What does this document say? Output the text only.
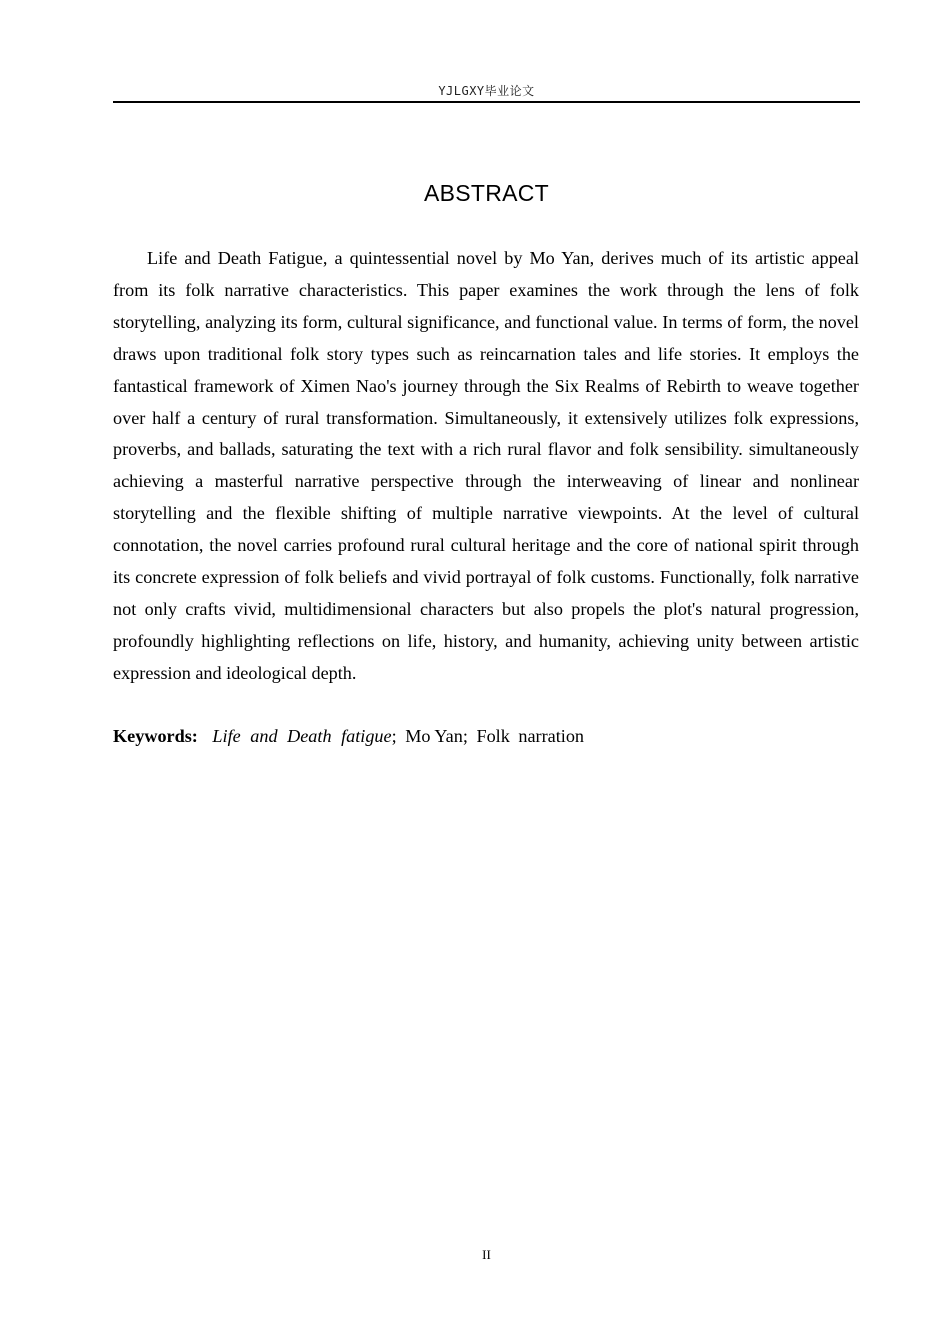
YJLGXY毕业论文
ABSTRACT

Life and Death Fatigue, a quintessential novel by Mo Yan, derives much of its artistic appeal from its folk narrative characteristics. This paper examines the work through the lens of folk storytelling, analyzing its form, cultural significance, and functional value. In terms of form, the novel draws upon traditional folk story types such as reincarnation tales and life stories. It employs the fantastical framework of Ximen Nao's journey through the Six Realms of Rebirth to weave together over half a century of rural transformation. Simultaneously, it extensively utilizes folk expressions, proverbs, and ballads, saturating the text with a rich rural flavor and folk sensibility. simultaneously achieving a masterful narrative perspective through the interweaving of linear and nonlinear storytelling and the flexible shifting of multiple narrative viewpoints. At the level of cultural connotation, the novel carries profound rural cultural heritage and the core of national spirit through its concrete expression of folk beliefs and vivid portrayal of folk customs. Functionally, folk narrative not only crafts vivid, multidimensional characters but also propels the plot's natural progression, profoundly highlighting reflections on life, history, and humanity, achieving unity between artistic expression and ideological depth.

Keywords: Life and Death fatigue; Mo Yan; Folk narration
II
